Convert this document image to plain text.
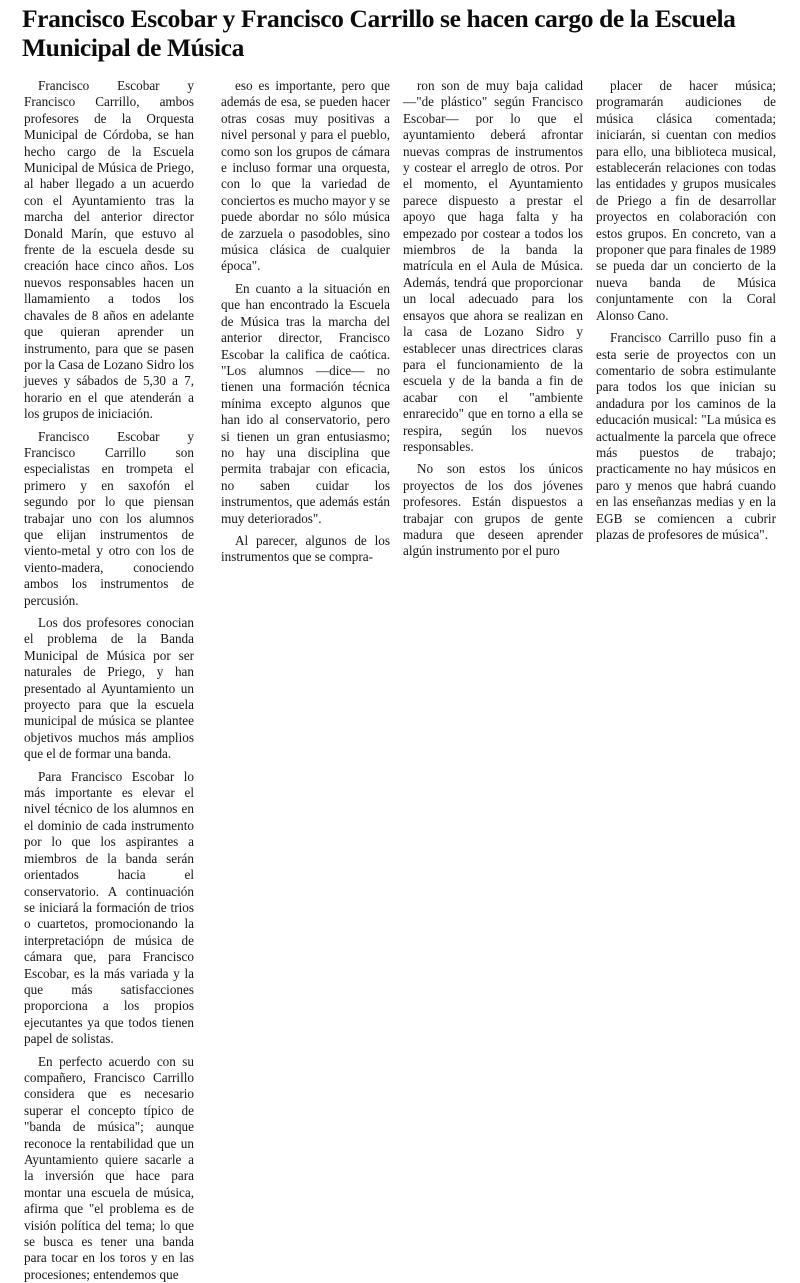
Francisco Escobar y Francisco Carrillo se hacen cargo de la Escuela Municipal de Música

Francisco Escobar y Francisco Carrillo, ambos profesores de la Orquesta Municipal de Córdoba, se han hecho cargo de la Escuela Municipal de Música de Priego, al haber llegado a un acuerdo con el Ayuntamiento tras la marcha del anterior director Donald Marín, que estuvo al frente de la escuela desde su creación hace cinco años. Los nuevos responsables hacen un llamamiento a todos los chavales de 8 años en adelante que quieran aprender un instrumento, para que se pasen por la Casa de Lozano Sidro los jueves y sábados de 5,30 a 7, horario en el que atenderán a los grupos de iniciación.

Francisco Escobar y Francisco Carrillo son especialistas en trompeta el primero y en saxofón el segundo por lo que piensan trabajar uno con los alumnos que elijan instrumentos de viento-metal y otro con los de viento-madera, conociendo ambos los instrumentos de percusión.

Los dos profesores conocian el problema de la Banda Municipal de Música por ser naturales de Priego, y han presentado al Ayuntamiento un proyecto para que la escuela municipal de música se plantee objetivos muchos más amplios que el de formar una banda.

Para Francisco Escobar lo más importante es elevar el nivel técnico de los alumnos en el dominio de cada instrumento por lo que los aspirantes a miembros de la banda serán orientados hacia el conservatorio. A continuación se iniciará la formación de trios o cuartetos, promocionando la interpretaciópn de música de cámara que, para Francisco Escobar, es la más variada y la que más satisfacciones proporciona a los propios ejecutantes ya que todos tienen papel de solistas.

En perfecto acuerdo con su compañero, Francisco Carrillo considera que es necesario superar el concepto típico de "banda de música"; aunque reconoce la rentabilidad que un Ayuntamiento quiere sacarle a la inversión que hace para montar una escuela de música, afirma que "el problema es de visión política del tema; lo que se busca es tener una banda para tocar en los toros y en las procesiones; entendemos que

eso es importante, pero que además de esa, se pueden hacer otras cosas muy positivas a nivel personal y para el pueblo, como son los grupos de cámara e incluso formar una orquesta, con lo que la variedad de conciertos es mucho mayor y se puede abordar no sólo música de zarzuela o pasodobles, sino música clásica de cualquier época".

En cuanto a la situación en que han encontrado la Escuela de Música tras la marcha del anterior director, Francisco Escobar la califica de caótica. "Los alumnos —dice— no tienen una formación técnica mínima excepto algunos que han ido al conservatorio, pero si tienen un gran entusiasmo; no hay una disciplina que permita trabajar con eficacia, no saben cuidar los instrumentos, que además están muy deteriorados".

Al parecer, algunos de los instrumentos que se compra-

ron son de muy baja calidad —"de plástico" según Francisco Escobar— por lo que el ayuntamiento deberá afrontar nuevas compras de instrumentos y costear el arreglo de otros. Por el momento, el Ayuntamiento parece dispuesto a prestar el apoyo que haga falta y ha empezado por costear a todos los miembros de la banda la matrícula en el Aula de Música. Además, tendrá que proporcionar un local adecuado para los ensayos que ahora se realizan en la casa de Lozano Sidro y establecer unas directrices claras para el funcionamiento de la escuela y de la banda a fin de acabar con el "ambiente enrarecido" que en torno a ella se respira, según los nuevos responsables.

No son estos los únicos proyectos de los dos jóvenes profesores. Están dispuestos a trabajar con grupos de gente madura que deseen aprender algún instrumento por el puro

placer de hacer música; programarán audiciones de música clásica comentada; iniciarán, si cuentan con medios para ello, una biblioteca musical, establecerán relaciones con todas las entidades y grupos musicales de Priego a fin de desarrollar proyectos en colaboración con estos grupos. En concreto, van a proponer que para finales de 1989 se pueda dar un concierto de la nueva banda de Música conjuntamente con la Coral Alonso Cano.

Francisco Carrillo puso fin a esta serie de proyectos con un comentario de sobra estimulante para todos los que inician su andadura por los caminos de la educación musical: "La música es actualmente la parcela que ofrece más puestos de trabajo; practicamente no hay músicos en paro y menos que habrá cuando en las enseñanzas medias y en la EGB se comiencen a cubrir plazas de profesores de música".
